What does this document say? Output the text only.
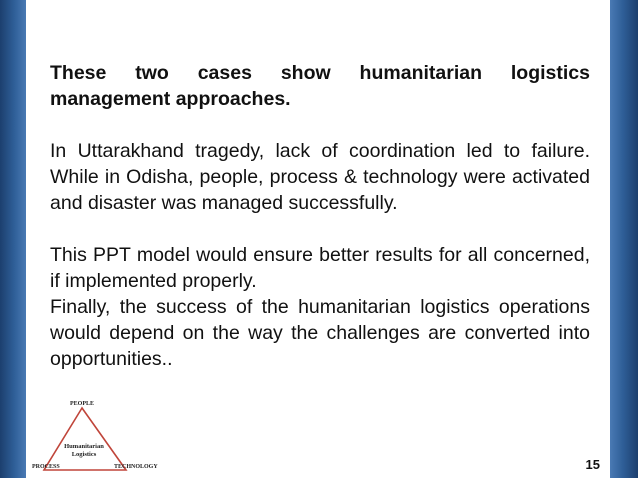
These two cases show humanitarian logistics management approaches.

In Uttarakhand tragedy, lack of coordination led to failure. While in Odisha, people, process & technology were activated and disaster was managed successfully.

This PPT model would ensure better results for all concerned, if implemented properly.

Finally, the success of the humanitarian logistics operations would depend on the way the challenges are converted into opportunities..

PEOPLE
PROCESS	TECHNOLOGY
Humanitarian
Logistics
15
